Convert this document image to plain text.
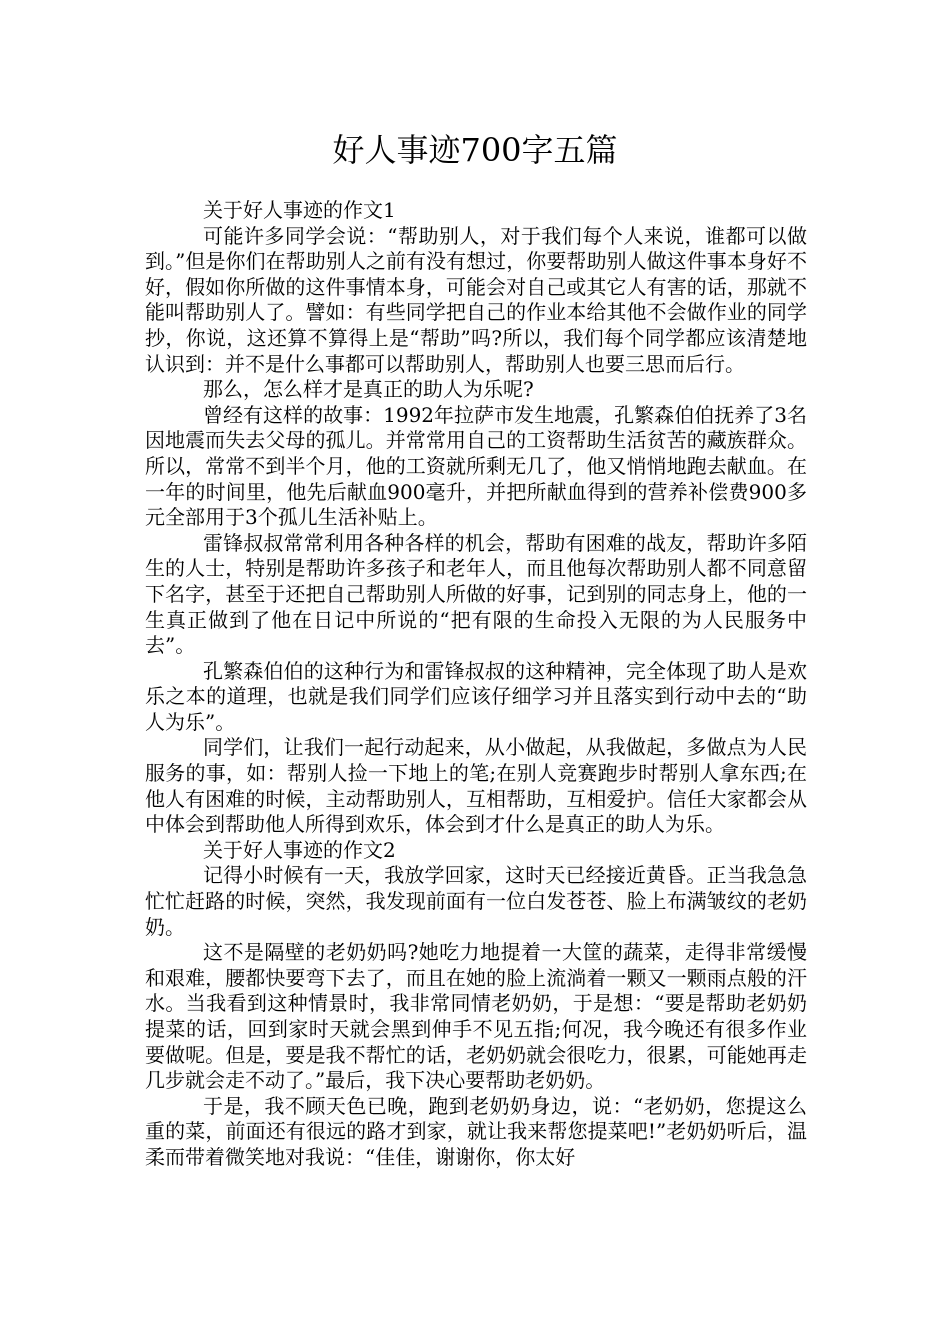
好人事迹700字五篇

关于好人事迹的作文1

可能许多同学会说：“帮助别人，对于我们每个人来说，谁都可以做到。”但是你们在帮助别人之前有没有想过，你要帮助别人做这件事本身好不好，假如你所做的这件事情本身，可能会对自己或其它人有害的话，那就不能叫帮助别人了。譬如：有些同学把自己的作业本给其他不会做作业的同学抄，你说，这还算不算得上是“帮助”吗?所以，我们每个同学都应该清楚地认识到：并不是什么事都可以帮助别人，帮助别人也要三思而后行。

那么，怎么样才是真正的助人为乐呢?

曾经有这样的故事：1992年拉萨市发生地震，孔繁森伯伯抚养了3名因地震而失去父母的孤儿。并常常用自己的工资帮助生活贫苦的藏族群众。所以，常常不到半个月，他的工资就所剩无几了，他又悄悄地跑去献血。在一年的时间里，他先后献血900毫升，并把所献血得到的营养补偿费900多元全部用于3个孤儿生活补贴上。

雷锋叔叔常常利用各种各样的机会，帮助有困难的战友，帮助许多陌生的人士，特别是帮助许多孩子和老年人，而且他每次帮助别人都不同意留下名字，甚至于还把自己帮助别人所做的好事，记到别的同志身上，他的一生真正做到了他在日记中所说的“把有限的生命投入无限的为人民服务中去”。

孔繁森伯伯的这种行为和雷锋叔叔的这种精神，完全体现了助人是欢乐之本的道理，也就是我们同学们应该仔细学习并且落实到行动中去的“助人为乐”。

同学们，让我们一起行动起来，从小做起，从我做起，多做点为人民服务的事，如：帮别人捡一下地上的笔;在别人竞赛跑步时帮别人拿东西;在他人有困难的时候，主动帮助别人，互相帮助，互相爱护。信任大家都会从中体会到帮助他人所得到欢乐，体会到才什么是真正的助人为乐。

关于好人事迹的作文2

记得小时候有一天，我放学回家，这时天已经接近黄昏。正当我急急忙忙赶路的时候，突然，我发现前面有一位白发苍苍、脸上布满皱纹的老奶奶。

这不是隔壁的老奶奶吗?她吃力地提着一大筐的蔬菜，走得非常缓慢和艰难，腰都快要弯下去了，而且在她的脸上流淌着一颗又一颗雨点般的汗水。当我看到这种情景时，我非常同情老奶奶，于是想：“要是帮助老奶奶提菜的话，回到家时天就会黑到伸手不见五指;何况，我今晚还有很多作业要做呢。但是，要是我不帮忙的话，老奶奶就会很吃力，很累，可能她再走几步就会走不动了。”最后，我下决心要帮助老奶奶。

于是，我不顾天色已晚，跑到老奶奶身边，说：“老奶奶，您提这么重的菜，前面还有很远的路才到家，就让我来帮您提菜吧!”老奶奶听后，温柔而带着微笑地对我说：“佳佳，谢谢你，你太好
